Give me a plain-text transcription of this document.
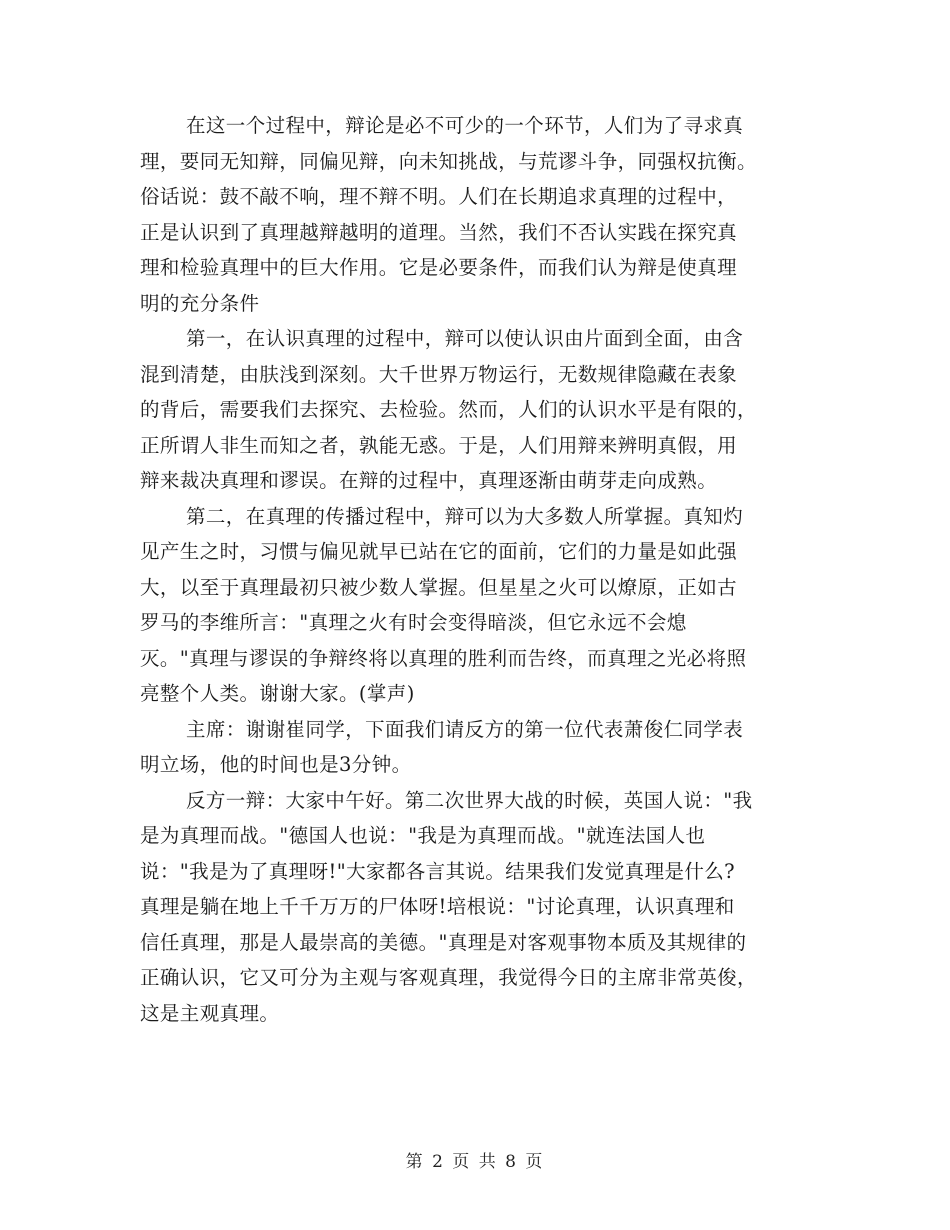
在这一个过程中，辩论是必不可少的一个环节，人们为了寻求真
理，要同无知辩，同偏见辩，向未知挑战，与荒谬斗争，同强权抗衡。
俗话说：鼓不敲不响，理不辩不明。人们在长期追求真理的过程中，
正是认识到了真理越辩越明的道理。当然，我们不否认实践在探究真
理和检验真理中的巨大作用。它是必要条件，而我们认为辩是使真理
明的充分条件
第一，在认识真理的过程中，辩可以使认识由片面到全面，由含
混到清楚，由肤浅到深刻。大千世界万物运行，无数规律隐藏在表象
的背后，需要我们去探究、去检验。然而，人们的认识水平是有限的，
正所谓人非生而知之者，孰能无惑。于是，人们用辩来辨明真假，用
辩来裁决真理和谬误。在辩的过程中，真理逐渐由萌芽走向成熟。
第二，在真理的传播过程中，辩可以为大多数人所掌握。真知灼
见产生之时，习惯与偏见就早已站在它的面前，它们的力量是如此强
大，以至于真理最初只被少数人掌握。但星星之火可以燎原，正如古
罗马的李维所言："真理之火有时会变得暗淡，但它永远不会熄
灭。"真理与谬误的争辩终将以真理的胜利而告终，而真理之光必将照
亮整个人类。谢谢大家。(掌声)
主席：谢谢崔同学，下面我们请反方的第一位代表萧俊仁同学表
明立场，他的时间也是3分钟。
反方一辩：大家中午好。第二次世界大战的时候，英国人说："我
是为真理而战。"德国人也说："我是为真理而战。"就连法国人也
说："我是为了真理呀!"大家都各言其说。结果我们发觉真理是什么?
真理是躺在地上千千万万的尸体呀!培根说："讨论真理，认识真理和
信任真理，那是人最崇高的美德。"真理是对客观事物本质及其规律的
正确认识，它又可分为主观与客观真理，我觉得今日的主席非常英俊，
这是主观真理。
第 2 页 共 8 页
